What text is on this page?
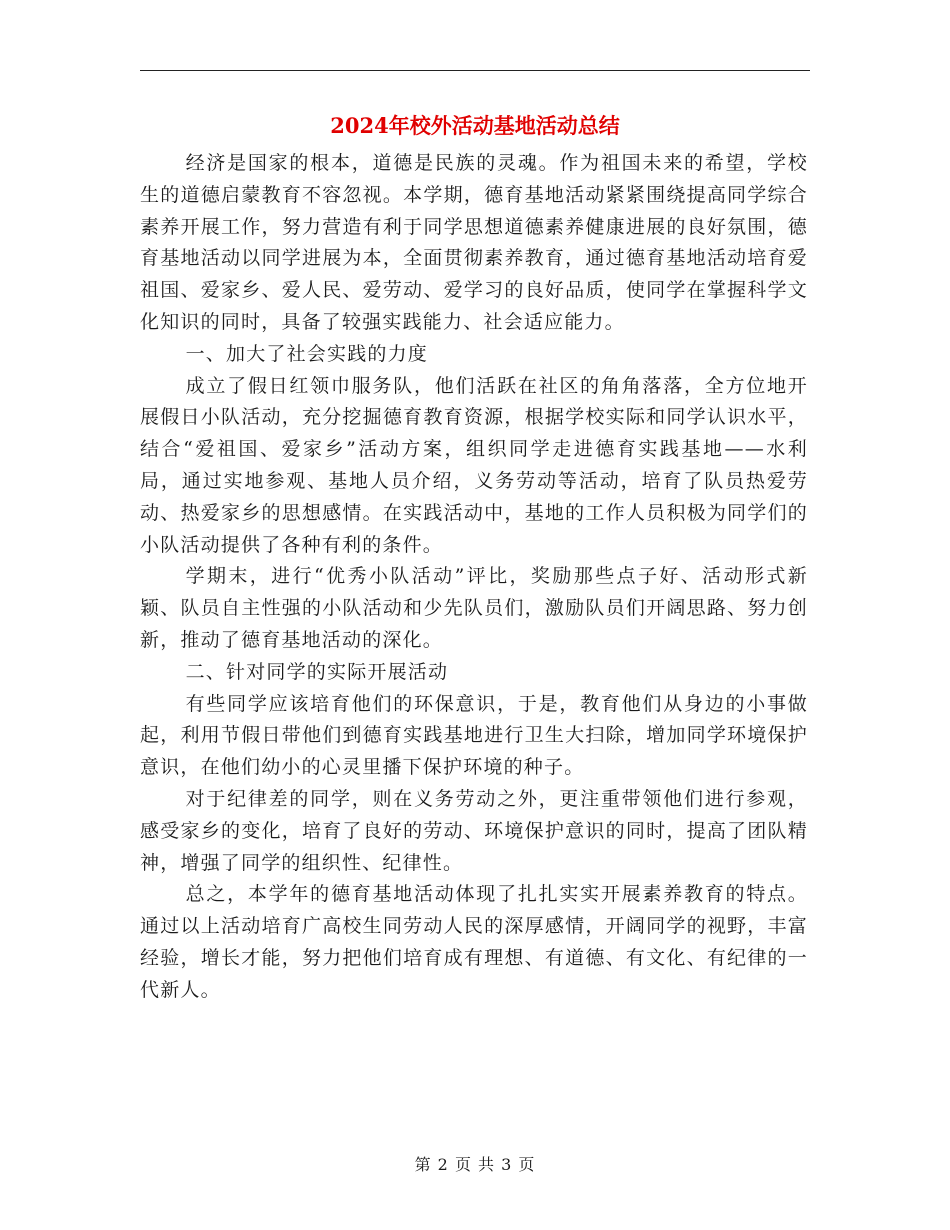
2024年校外活动基地活动总结

经济是国家的根本，道德是民族的灵魂。作为祖国未来的希望，学校生的道德启蒙教育不容忽视。本学期，德育基地活动紧紧围绕提高同学综合素养开展工作，努力营造有利于同学思想道德素养健康进展的良好氛围，德育基地活动以同学进展为本，全面贯彻素养教育，通过德育基地活动培育爱祖国、爱家乡、爱人民、爱劳动、爱学习的良好品质，使同学在掌握科学文化知识的同时，具备了较强实践能力、社会适应能力。

一、加大了社会实践的力度

成立了假日红领巾服务队，他们活跃在社区的角角落落，全方位地开展假日小队活动，充分挖掘德育教育资源，根据学校实际和同学认识水平，结合“爱祖国、爱家乡”活动方案，组织同学走进德育实践基地——水利局，通过实地参观、基地人员介绍，义务劳动等活动，培育了队员热爱劳动、热爱家乡的思想感情。在实践活动中，基地的工作人员积极为同学们的小队活动提供了各种有利的条件。

学期末，进行“优秀小队活动”评比，奖励那些点子好、活动形式新颖、队员自主性强的小队活动和少先队员们，激励队员们开阔思路、努力创新，推动了德育基地活动的深化。

二、针对同学的实际开展活动

有些同学应该培育他们的环保意识，于是，教育他们从身边的小事做起，利用节假日带他们到德育实践基地进行卫生大扫除，增加同学环境保护意识，在他们幼小的心灵里播下保护环境的种子。

对于纪律差的同学，则在义务劳动之外，更注重带领他们进行参观，感受家乡的变化，培育了良好的劳动、环境保护意识的同时，提高了团队精神，增强了同学的组织性、纪律性。

总之，本学年的德育基地活动体现了扎扎实实开展素养教育的特点。通过以上活动培育广高校生同劳动人民的深厚感情，开阔同学的视野，丰富经验，增长才能，努力把他们培育成有理想、有道德、有文化、有纪律的一代新人。

第 2 页 共 3 页
